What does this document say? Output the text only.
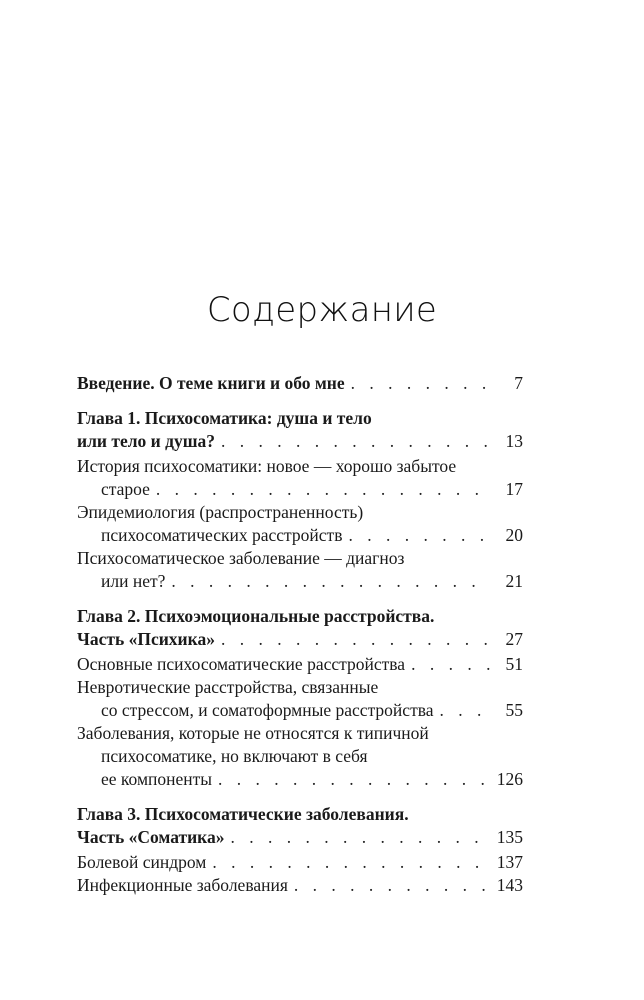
Содержание
Введение. О теме книги и обо мне . . .	7
Глава 1. Психосоматика: душа и тело
или тело и душа? . . .	13
История психосоматики: новое — хорошо забытое
старое . . .	17
Эпидемиология (распространенность)
психосоматических расстройств . . .	20
Психосоматическое заболевание — диагноз
или нет? . . .	21
Глава 2. Психоэмоциональные расстройства.
Часть «Психика» . . .	27
Основные психосоматические расстройства . . .	51
Невротические расстройства, связанные
со стрессом, и соматоформные расстройства . . .	55
Заболевания, которые не относятся к типичной
психосоматике, но включают в себя
ее компоненты . . .	126
Глава 3. Психосоматические заболевания.
Часть «Соматика» . . .	135
Болевой синдром . . .	137
Инфекционные заболевания . . .	143
